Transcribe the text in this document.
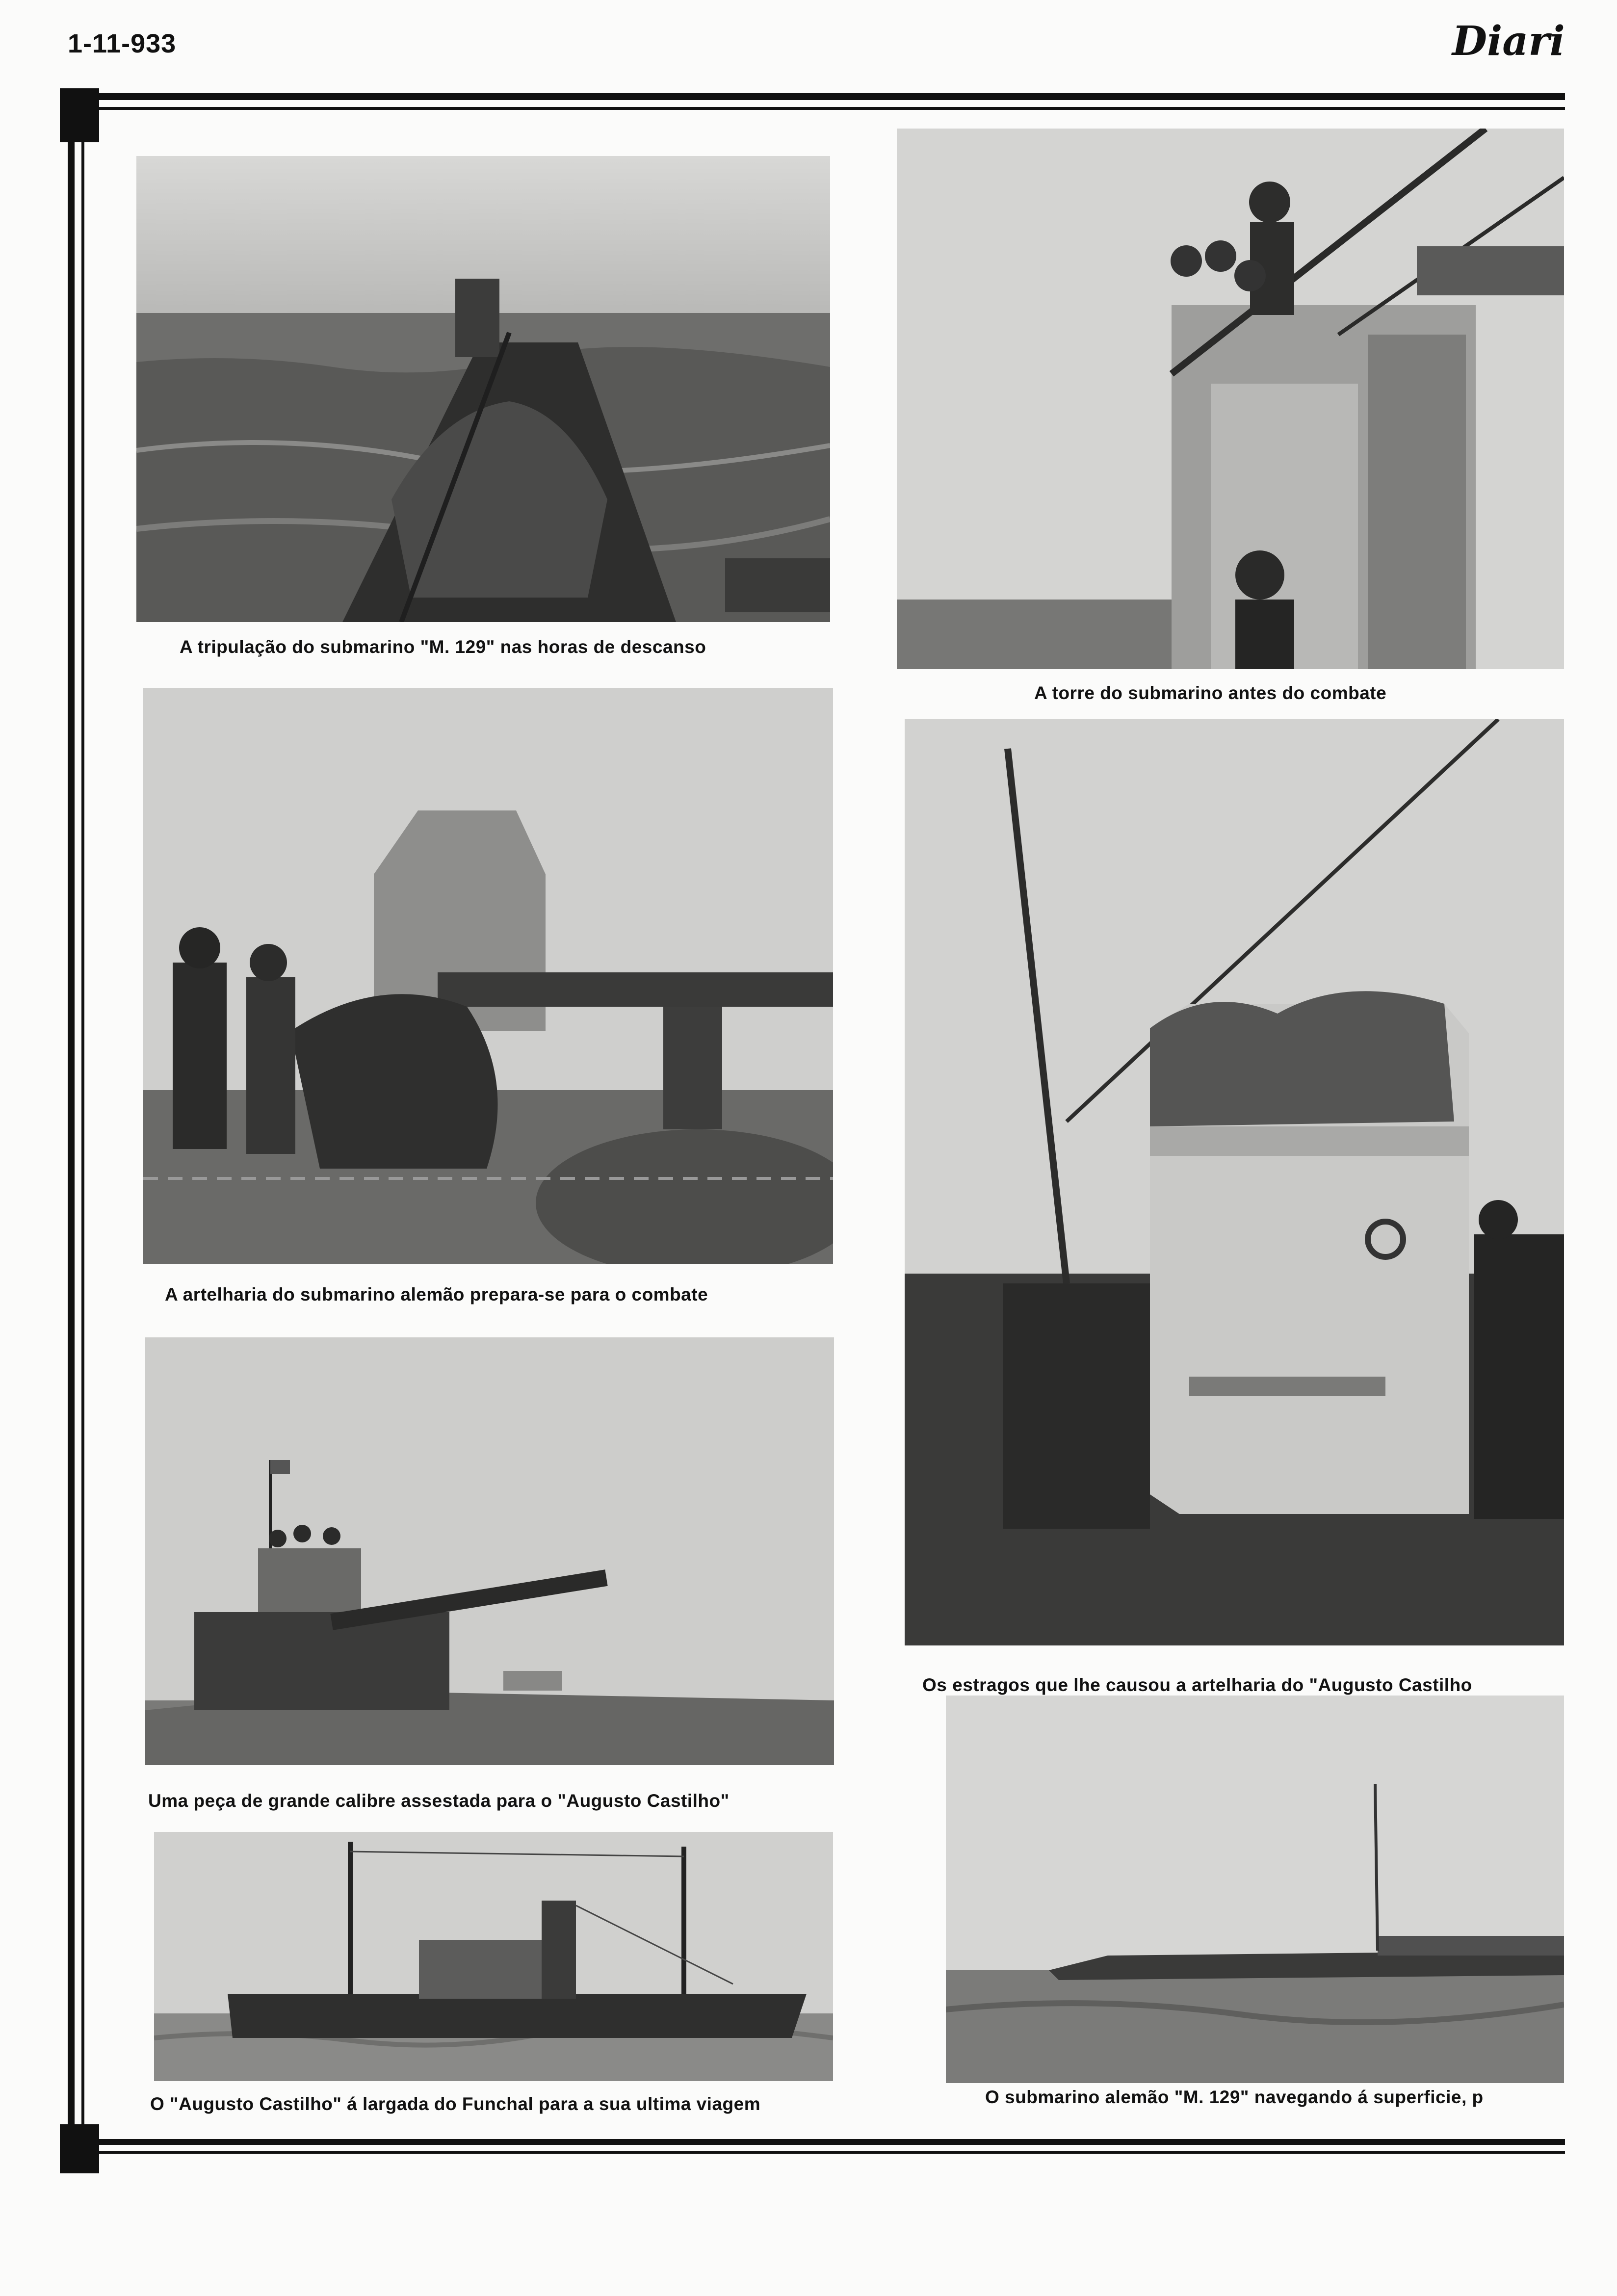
1-11-933	Diari
A tripulação do submarino "M. 129" nas horas de descanso
A torre do submarino antes do combate
A artelharia do submarino alemão prepara-se para o combate
Os estragos que lhe causou a artelharia do "Augusto Castilho
Uma peça de grande calibre assestada para o "Augusto Castilho"
O "Augusto Castilho" á largada do Funchal para a sua ultima viagem	O submarino alemão "M. 129" navegando á superficie, p
